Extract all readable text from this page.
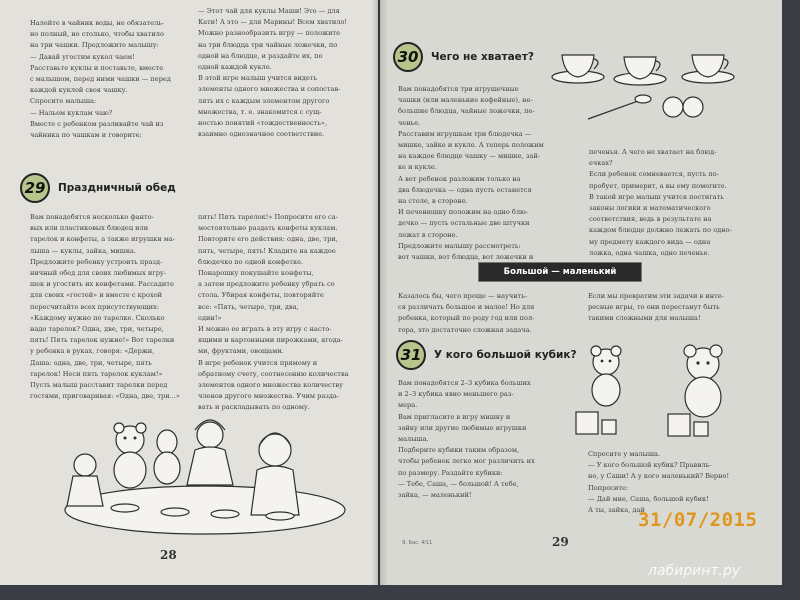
Налейте в чайник воды, не обязатель-
но полный, но столько, чтобы хватило
на три чашки. Предложите малышу:
— Давай угостим кукол чаем!
Расставьте куклы и поставьте, вместе
с малышом, перед ними чашки — перед
каждой куклой своя чашку.
Спросите малыша:
— Нальем куклам чаю?
Вместе с ребенком разливайте чай из
чайника по чашкам и говорите:
— Этот чай для куклы Маши! Это — для
Кати! А это — для Марины! Всем хватило!
Можно разнообразить игру — положите
на три блюдца три чайные ложечки, по
одной на блюдце, и раздайте их, по
одной каждой кукле.
В этой игре малыш учится видеть
элементы одного множества и сопостав-
лять их с каждым элементом другого
множества, т. е. знакомится с сущ-
ностью понятий «тождественность»,
взаимно однозначное соответствие.
29	Праздничный обед
Вам понадобятся несколько фанто-
вых или пластиковых блюдец или
тарелок и конфеты, а также игрушки ма-
лыша — куклы, зайка, мишка.
Предложите ребенку устроить празд-
ничный обед для своих любимых игру-
шек и угостить их конфетами. Рассадите
для своих «гостей» и вместе с крохой
пересчитайте всех присутствующих:
«Каждому нужно по тарелке. Сколько
надо тарелок? Одна, две, три, четыре,
пять! Пять тарелок нужно!» Вот тарелки
у ребенка в руках, говоря: «Держи,
Даша: одна, две, три, четыре, пять
тарелок! Неси пять тарелок куклам!»
Пусть малыш расставит тарелки перед
гостями, приговаривая: «Одна, две, три...»
пять! Пять тарелок!» Попросите его са-
мостоятельно раздать конфеты куклам.
Повторите его действия: одна, две, три,
пять, четыре, пять! Кладите на каждое
блюдечко по одной конфетке.
Понарошку покушайте конфеты,
а затем предложите ребенку убрать со
стола. Убирая конфеты, повторяйте
все: «Пять, четыре, три, два,
один!»
И можно ее играть в эту игру с насто-
ящими и картонными пирожками, ягода-
ми, фруктами, овощами.
В игре ребенок учится прямому и
обратному счету, соотнесению количества
элементов одного множества количеству
членов другого множества. Учим разда-
вать и раскладывать по одному.
28
30	Чего не хватает?
Вам понадобятся три игрушечные
чашки (или маленькие кофейные), не-
большие блюдца, чайные ложечки, пе-
ченье.
Расставим игрушкам три блюдечка —
мишке, зайке и кукле. А теперь положим
на каждое блюдце чашку — мишке, зай-
ке и кукле.
А вот ребенок разложим только на
два блюдечка — одна пусть останется
на столе, в стороне.
И печенюшку положим на одно блю-
дечко — пусть остальные две штучки
лежат в стороне.
Предложите малышу рассмотреть:
вот чашки, вот блюдца, вот ложечки и
печенья. А чего не хватает на блюд-
ечках?
Если ребенок сомневается, пусть по-
пробует, примерит, а вы ему помогите.
В такой игре малыш учится постигать
законы логики и математического
соответствия, ведь в результате на
каждом блюдце должно лежать по одно-
му предмету каждого вида — одна
ложка, одна чашка, одно печенье.
Большой — маленький
Казалось бы, чего проще — научить-
ся различать большое и малое! Но для
ребенка, который по роду год или пол-
тора, это достаточно сложная задача.
Если мы превратим эти задачи в инте-
ресные игры, то они перестанут быть
такими сложными для малыша!
31	У кого большой кубик?
Вам понадобятся 2–3 кубика больших
и 2–3 кубика явно меньшего раз-
мера.
Вам пригласите в игру мишку и
зайку или другие любимые игрушки
малыша.
Подберите кубики таким образом,
чтобы ребенок легко мог различить их
по размеру. Раздайте кубики:
— Тебе, Саша, — большой! А тебе,
зайка, — маленький!
Спросите у малыша.
— У кого большой кубик? Правиль-
но, у Саши! А у кого маленький? Верно!
Попросите:
— Дай мне, Саша, большой кубик!
А ты, зайка, дай
Я. Бас. 4/11	29
31/07/2015
лабиринт.ру
